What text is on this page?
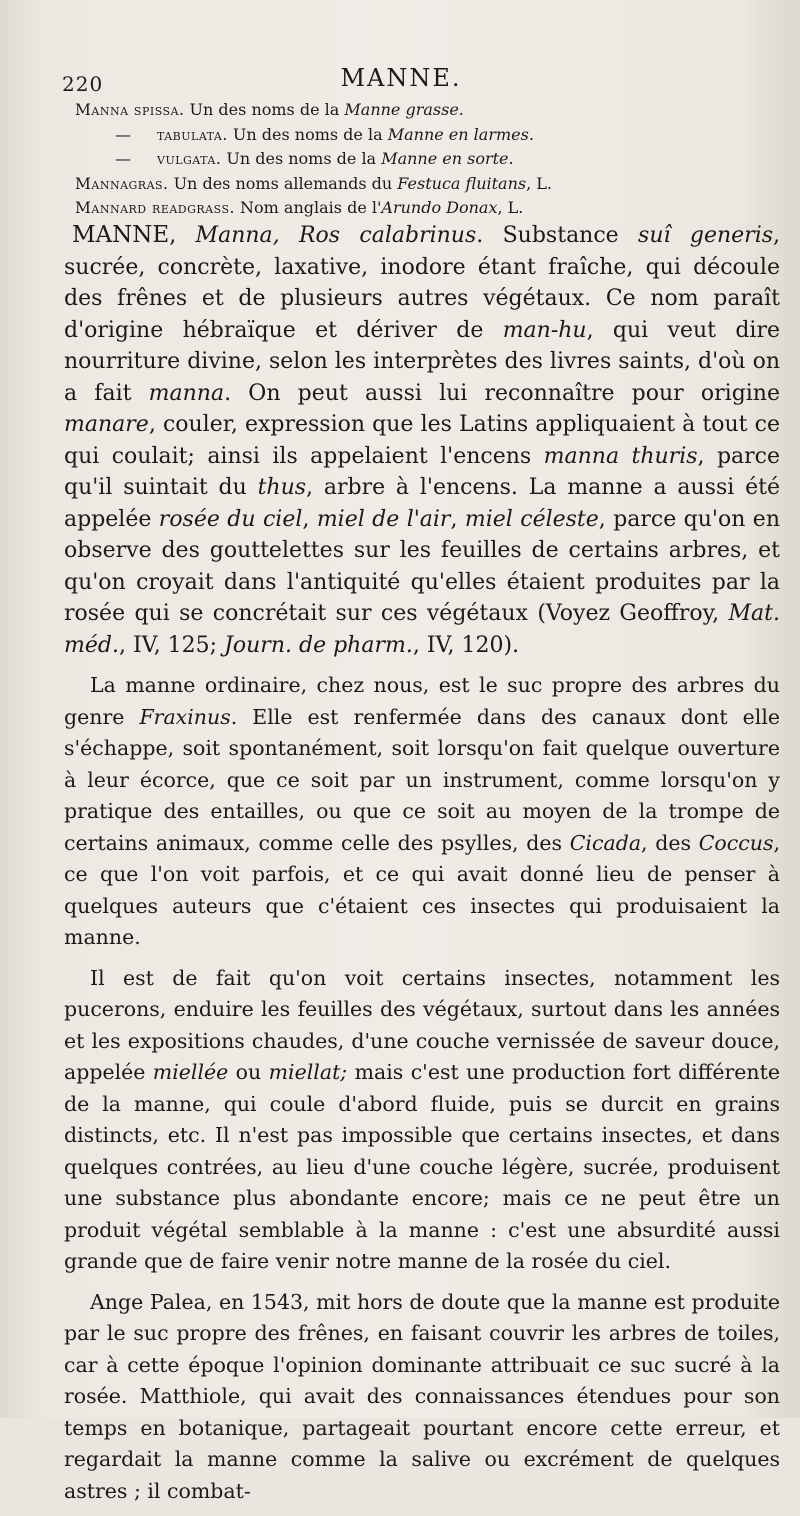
220	MANNE.
Manna spissa. Un des noms de la Manne grasse.
— tabulata. Un des noms de la Manne en larmes.
— vulgata. Un des noms de la Manne en sorte.
Mannagras. Un des noms allemands du Festuca fluitans, L.
Mannard readgrass. Nom anglais de l'Arundo Donax, L.

MANNE, Manna, Ros calabrinus. Substance suî generis, sucrée, concrète, laxative, inodore étant fraîche, qui découle des frênes et de plusieurs autres végétaux. Ce nom paraît d'origine hébraïque et dériver de man-hu, qui veut dire nourriture divine, selon les interprètes des livres saints, d'où on a fait manna. On peut aussi lui reconnaître pour origine manare, couler, expression que les Latins appliquaient à tout ce qui coulait; ainsi ils appelaient l'encens manna thuris, parce qu'il suintait du thus, arbre à l'encens. La manne a aussi été appelée rosée du ciel, miel de l'air, miel céleste, parce qu'on en observe des gouttelettes sur les feuilles de certains arbres, et qu'on croyait dans l'antiquité qu'elles étaient produites par la rosée qui se concrétait sur ces végétaux (Voyez Geoffroy, Mat. méd., IV, 125; Journ. de pharm., IV, 120).

La manne ordinaire, chez nous, est le suc propre des arbres du genre Fraxinus. Elle est renfermée dans des canaux dont elle s'échappe, soit spontanément, soit lorsqu'on fait quelque ouverture à leur écorce, que ce soit par un instrument, comme lorsqu'on y pratique des entailles, ou que ce soit au moyen de la trompe de certains animaux, comme celle des psylles, des Cicada, des Coccus, ce que l'on voit parfois, et ce qui avait donné lieu de penser à quelques auteurs que c'étaient ces insectes qui produisaient la manne.

Il est de fait qu'on voit certains insectes, notamment les pucerons, enduire les feuilles des végétaux, surtout dans les années et les expositions chaudes, d'une couche vernissée de saveur douce, appelée miellée ou miellat; mais c'est une production fort différente de la manne, qui coule d'abord fluide, puis se durcit en grains distincts, etc. Il n'est pas impossible que certains insectes, et dans quelques contrées, au lieu d'une couche légère, sucrée, produisent une substance plus abondante encore; mais ce ne peut être un produit végétal semblable à la manne : c'est une absurdité aussi grande que de faire venir notre manne de la rosée du ciel.

Ange Palea, en 1543, mit hors de doute que la manne est produite par le suc propre des frênes, en faisant couvrir les arbres de toiles, car à cette époque l'opinion dominante attribuait ce suc sucré à la rosée. Matthiole, qui avait des connaissances étendues pour son temps en botanique, partageait pourtant encore cette erreur, et regardait la manne comme la salive ou excrément de quelques astres ; il combat-
